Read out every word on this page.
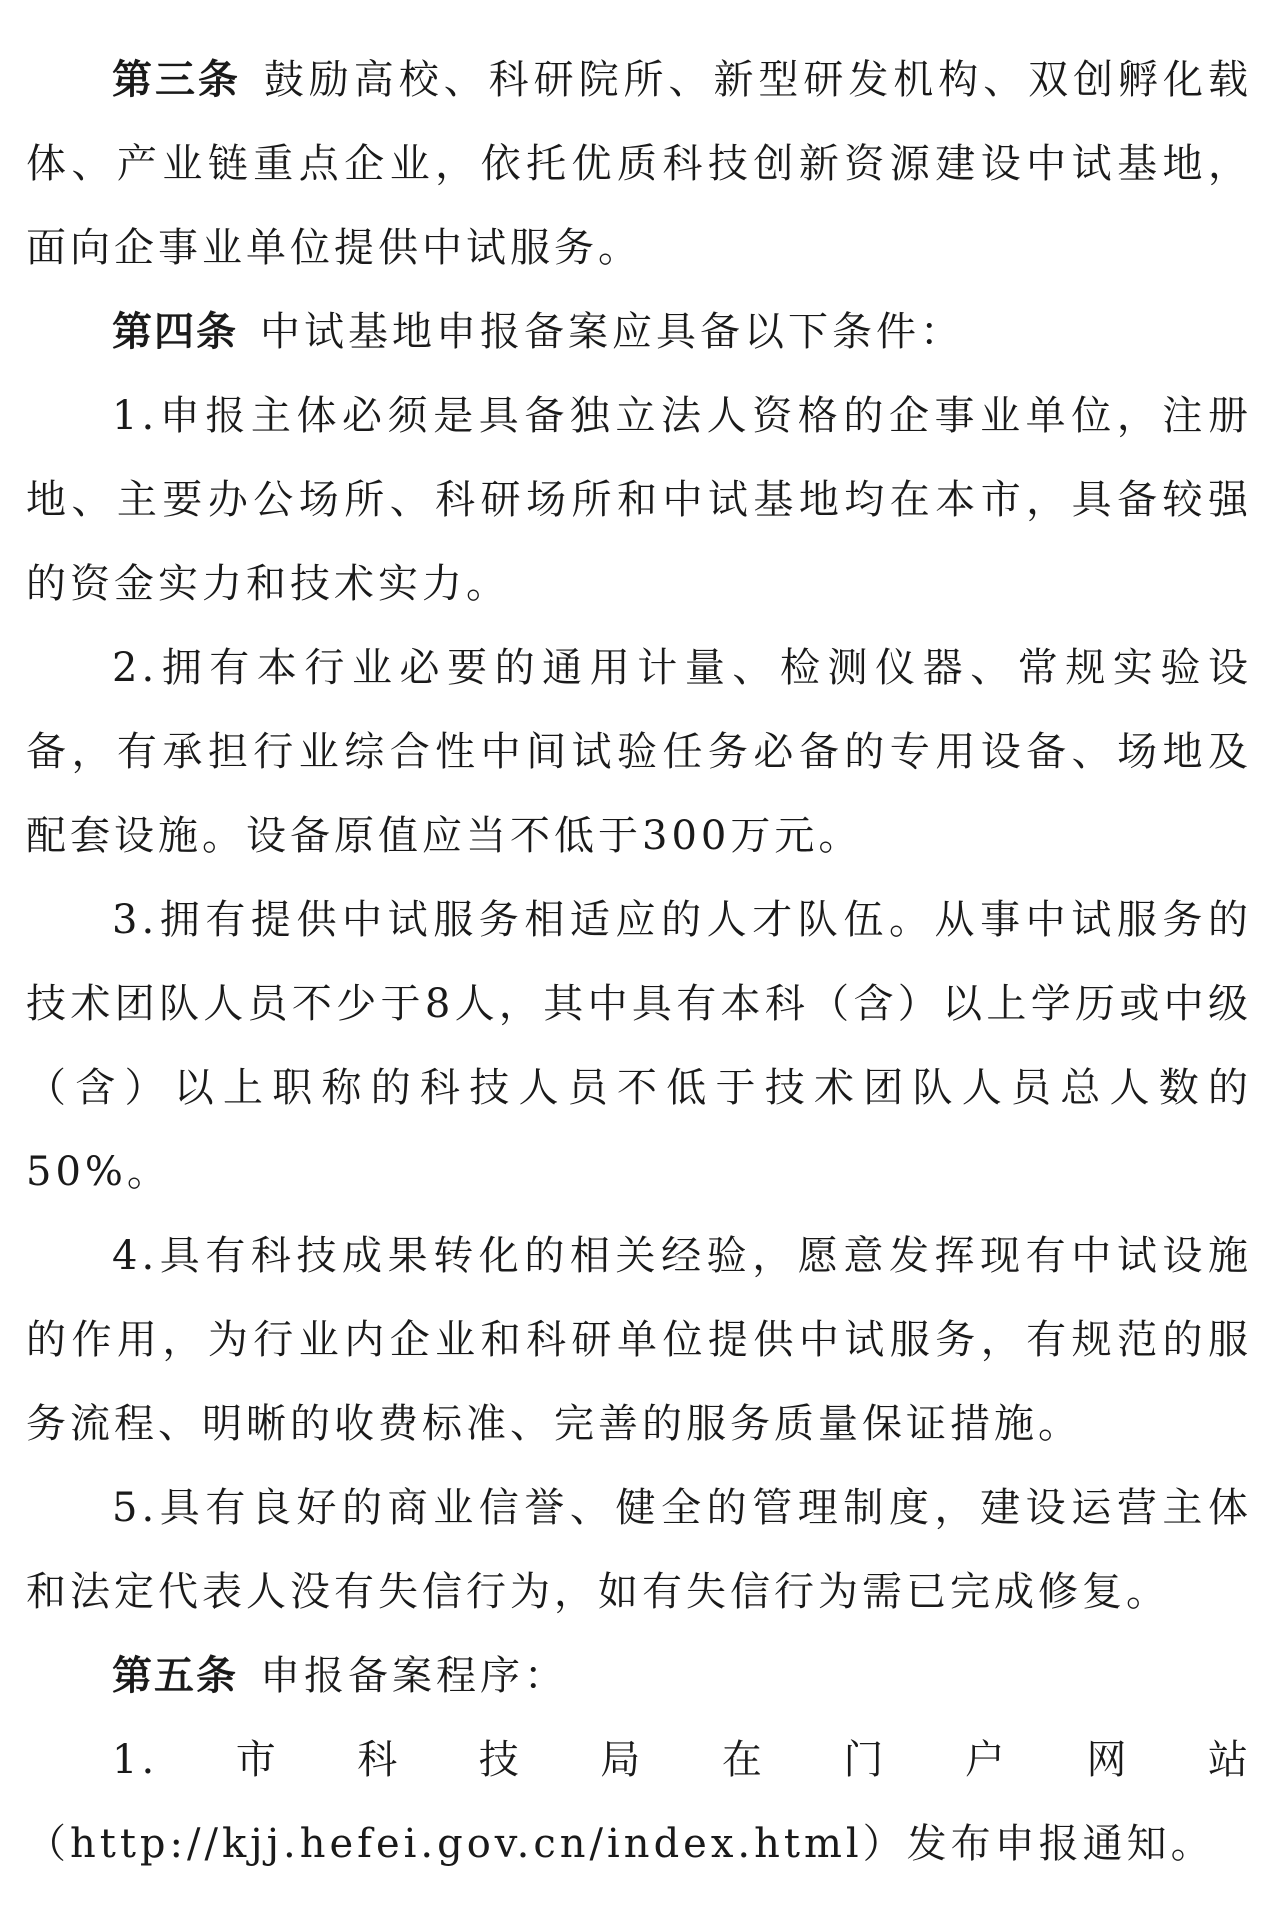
第三条 鼓励高校、科研院所、新型研发机构、双创孵化载体、产业链重点企业，依托优质科技创新资源建设中试基地，面向企事业单位提供中试服务。

第四条 中试基地申报备案应具备以下条件：

1.申报主体必须是具备独立法人资格的企事业单位，注册地、主要办公场所、科研场所和中试基地均在本市，具备较强的资金实力和技术实力。

2.拥有本行业必要的通用计量、检测仪器、常规实验设备，有承担行业综合性中间试验任务必备的专用设备、场地及配套设施。设备原值应当不低于300万元。

3.拥有提供中试服务相适应的人才队伍。从事中试服务的技术团队人员不少于8人，其中具有本科（含）以上学历或中级（含）以上职称的科技人员不低于技术团队人员总人数的50%。

4.具有科技成果转化的相关经验，愿意发挥现有中试设施的作用，为行业内企业和科研单位提供中试服务，有规范的服务流程、明晰的收费标准、完善的服务质量保证措施。

5.具有良好的商业信誉、健全的管理制度，建设运营主体和法定代表人没有失信行为，如有失信行为需已完成修复。

第五条 申报备案程序：

1.市科技局在门户网站（http://kjj.hefei.gov.cn/index.html）发布申报通知。
